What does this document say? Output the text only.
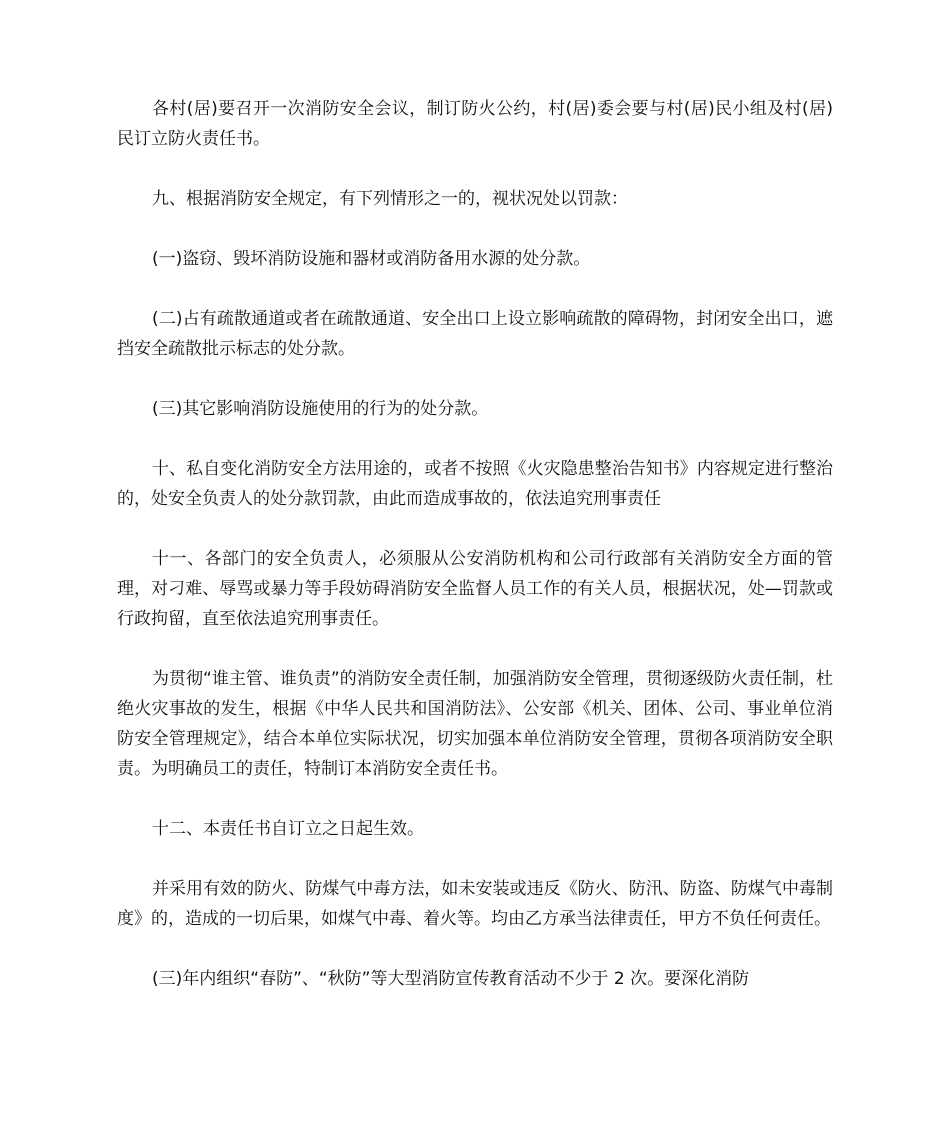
各村(居)要召开一次消防安全会议，制订防火公约，村(居)委会要与村(居)民小组及村(居)民订立防火责任书。

九、根据消防安全规定，有下列情形之一的，视状况处以罚款：

(一)盗窃、毁坏消防设施和器材或消防备用水源的处分款。

(二)占有疏散通道或者在疏散通道、安全出口上设立影响疏散的障碍物，封闭安全出口，遮挡安全疏散批示标志的处分款。

(三)其它影响消防设施使用的行为的处分款。

十、私自变化消防安全方法用途的，或者不按照《火灾隐患整治告知书》内容规定进行整治的，处安全负责人的处分款罚款，由此而造成事故的，依法追究刑事责任

十一、各部门的安全负责人，必须服从公安消防机构和公司行政部有关消防安全方面的管理，对刁难、辱骂或暴力等手段妨碍消防安全监督人员工作的有关人员，根据状况，处—罚款或行政拘留，直至依法追究刑事责任。

为贯彻“谁主管、谁负责”的消防安全责任制，加强消防安全管理，贯彻逐级防火责任制，杜绝火灾事故的发生，根据《中华人民共和国消防法》、公安部《机关、团体、公司、事业单位消防安全管理规定》，结合本单位实际状况，切实加强本单位消防安全管理，贯彻各项消防安全职责。为明确员工的责任，特制订本消防安全责任书。

十二、本责任书自订立之日起生效。

并采用有效的防火、防煤气中毒方法，如未安装或违反《防火、防汛、防盗、防煤气中毒制度》的，造成的一切后果，如煤气中毒、着火等。均由乙方承当法律责任，甲方不负任何责任。

(三)年内组织“春防”、“秋防”等大型消防宣传教育活动不少于 2 次。要深化消防
